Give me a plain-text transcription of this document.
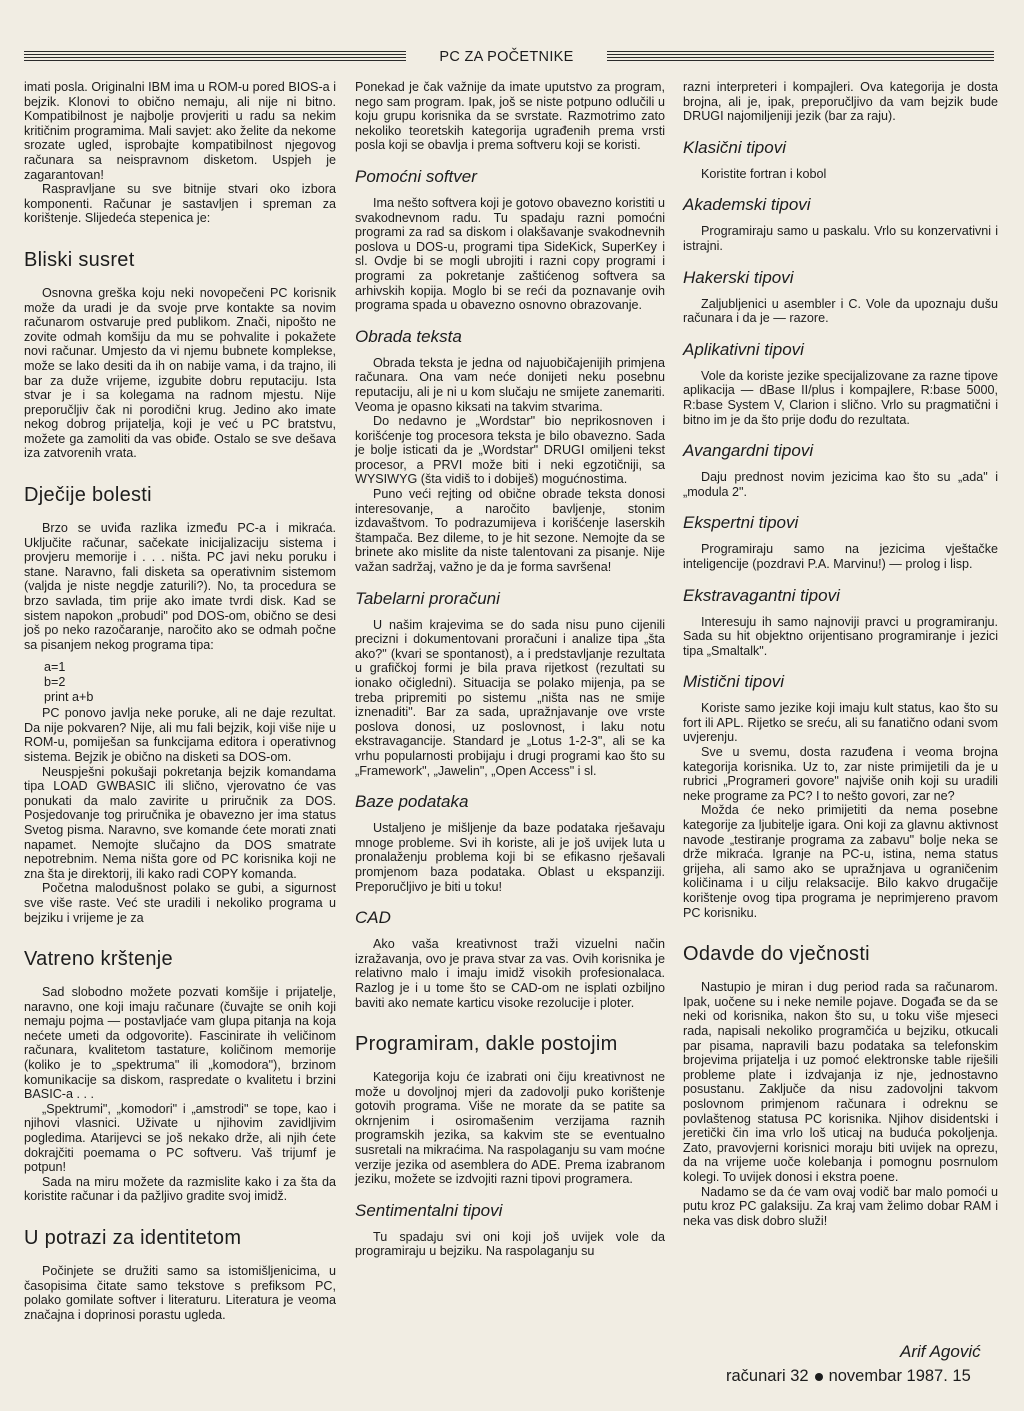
PC ZA POČETNIKE

imati posla. Originalni IBM ima u ROM-u pored BIOS-a i bejzik. Klonovi to obično nemaju, ali nije ni bitno. Kompatibilnost je najbolje provjeriti u radu sa nekim kritičnim programima. Mali savjet: ako želite da nekome srozate ugled, isprobajte kompatibilnost njegovog računara sa neispravnom disketom. Uspjeh je zagarantovan!

Raspravljane su sve bitnije stvari oko izbora komponenti. Računar je sastavljen i spreman za korištenje. Slijedeća stepenica je:

Bliski susret

Osnovna greška koju neki novopečeni PC korisnik može da uradi je da svoje prve kontakte sa novim računarom ostvaruje pred publikom. Znači, nipošto ne zovite odmah komšiju da mu se pohvalite i pokažete novi računar. Umjesto da vi njemu bubnete komplekse, može se lako desiti da ih on nabije vama, i da trajno, ili bar za duže vrijeme, izgubite dobru reputaciju. Ista stvar je i sa kolegama na radnom mjestu. Nije preporučljiv čak ni porodični krug. Jedino ako imate nekog dobrog prijatelja, koji je već u PC bratstvu, možete ga zamoliti da vas obiđe. Ostalo se sve dešava iza zatvorenih vrata.

Dječije bolesti

Brzo se uviđa razlika između PC-a i mikraća. Uključite računar, sačekate inicijalizaciju sistema i provjeru memorije i . . . ništa. PC javi neku poruku i stane. Naravno, fali disketa sa operativnim sistemom (valjda je niste negdje zaturili?). No, ta procedura se brzo savlada, tim prije ako imate tvrdi disk. Kad se sistem napokon „probudi" pod DOS-om, obično se desi još po neko razočaranje, naročito ako se odmah počne sa pisanjem nekog programa tipa:

a=1
b=2
print a+b

PC ponovo javlja neke poruke, ali ne daje rezultat. Da nije pokvaren? Nije, ali mu fali bejzik, koji više nije u ROM-u, pomiješan sa funkcijama editora i operativnog sistema. Bejzik je obično na disketi sa DOS-om.

Neuspješni pokušaji pokretanja bejzik komandama tipa LOAD GWBASIC ili slično, vjerovatno će vas ponukati da malo zavirite u priručnik za DOS. Posjedovanje tog priručnika je obavezno jer ima status Svetog pisma. Naravno, sve komande ćete morati znati napamet. Nemojte slučajno da DOS smatrate nepotrebnim. Nema ništa gore od PC korisnika koji ne zna šta je direktorij, ili kako radi COPY komanda.

Početna malodušnost polako se gubi, a sigurnost sve više raste. Već ste uradili i nekoliko programa u bejziku i vrijeme je za

Vatreno krštenje

Sad slobodno možete pozvati komšije i prijatelje, naravno, one koji imaju računare (čuvajte se onih koji nemaju pojma — postavljaće vam glupa pitanja na koja nećete umeti da odgovorite). Fascinirate ih veličinom računara, kvalitetom tastature, količinom memorije (koliko je to „spektruma" ili „komodora"), brzinom komunikacije sa diskom, raspredate o kvalitetu i brzini BASIC-a . . .

„Spektrumi", „komodori" i „amstrodi" se tope, kao i njihovi vlasnici. Uživate u njihovim zavidljivim pogledima. Atarijevci se još nekako drže, ali njih ćete dokrajčiti poemama o PC softveru. Vaš trijumf je potpun!

Sada na miru možete da razmislite kako i za šta da koristite računar i da pažljivo gradite svoj imidž.

U potrazi za identitetom

Počinjete se družiti samo sa istomišljenicima, u časopisima čitate samo tekstove s prefiksom PC, polako gomilate softver i literaturu. Literatura je veoma značajna i doprinosi porastu ugleda.

Ponekad je čak važnije da imate uputstvo za program, nego sam program. Ipak, još se niste potpuno odlučili u koju grupu korisnika da se svrstate. Razmotrimo zato nekoliko teoretskih kategorija ugrađenih prema vrsti posla koji se obavlja i prema softveru koji se koristi.

Pomoćni softver

Ima nešto softvera koji je gotovo obavezno koristiti u svakodnevnom radu. Tu spadaju razni pomoćni programi za rad sa diskom i olakšavanje svakodnevnih poslova u DOS-u, programi tipa SideKick, SuperKey i sl. Ovdje bi se mogli ubrojiti i razni copy programi i programi za pokretanje zaštićenog softvera sa arhivskih kopija. Moglo bi se reći da poznavanje ovih programa spada u obavezno osnovno obrazovanje.

Obrada teksta

Obrada teksta je jedna od najuobičajenijih primjena računara. Ona vam neće donijeti neku posebnu reputaciju, ali je ni u kom slučaju ne smijete zanemariti. Veoma je opasno kiksati na takvim stvarima.

Do nedavno je „Wordstar" bio neprikosnoven i korišćenje tog procesora teksta je bilo obavezno. Sada je bolje isticati da je „Wordstar" DRUGI omiljeni tekst procesor, a PRVI može biti i neki egzotičniji, sa WYSIWYG (šta vidiš to i dobiješ) mogućnostima.

Puno veći rejting od obične obrade teksta donosi interesovanje, a naročito bavljenje, stonim izdavaštvom. To podrazumijeva i korišćenje laserskih štampača. Bez dileme, to je hit sezone. Nemojte da se brinete ako mislite da niste talentovani za pisanje. Nije važan sadržaj, važno je da je forma savršena!

Tabelarni proračuni

U našim krajevima se do sada nisu puno cijenili precizni i dokumentovani proračuni i analize tipa „šta ako?" (kvari se spontanost), a i predstavljanje rezultata u grafičkoj formi je bila prava rijetkost (rezultati su ionako očigledni). Situacija se polako mijenja, pa se treba pripremiti po sistemu „ništa nas ne smije iznenaditi". Bar za sada, upražnjavanje ove vrste poslova donosi, uz poslovnost, i laku notu ekstravagancije. Standard je „Lotus 1-2-3", ali se ka vrhu popularnosti probijaju i drugi programi kao što su „Framework", „Jawelin", „Open Access" i sl.

Baze podataka

Ustaljeno je mišljenje da baze podataka rješavaju mnoge probleme. Svi ih koriste, ali je još uvijek luta u pronalaženju problema koji bi se efikasno rješavali promjenom baza podataka. Oblast u ekspanziji. Preporučljivo je biti u toku!

CAD

Ako vaša kreativnost traži vizuelni način izražavanja, ovo je prava stvar za vas. Ovih korisnika je relativno malo i imaju imidž visokih profesionalaca. Razlog je i u tome što se CAD-om ne isplati ozbiljno baviti ako nemate karticu visoke rezolucije i ploter.

Programiram, dakle postojim

Kategorija koju će izabrati oni čiju kreativnost ne može u dovoljnoj mjeri da zadovolji puko korištenje gotovih programa. Više ne morate da se patite sa okrnjenim i osiromašenim verzijama raznih programskih jezika, sa kakvim ste se eventualno susretali na mikraćima. Na raspolaganju su vam moćne verzije jezika od asemblera do ADE. Prema izabranom jeziku, možete se izdvojiti razni tipovi programera.

Sentimentalni tipovi

Tu spadaju svi oni koji još uvijek vole da programiraju u bejziku. Na raspolaganju su

razni interpreteri i kompajleri. Ova kategorija je dosta brojna, ali je, ipak, preporučljivo da vam bejzik bude DRUGI najomiljeniji jezik (bar za raju).

Klasični tipovi

Koristite fortran i kobol

Akademski tipovi

Programiraju samo u paskalu. Vrlo su konzervativni i istrajni.

Hakerski tipovi

Zaljubljenici u asembler i C. Vole da upoznaju dušu računara i da je — razore.

Aplikativni tipovi

Vole da koriste jezike specijalizovane za razne tipove aplikacija — dBase II/plus i kompajlere, R:base 5000, R:base System V, Clarion i slično. Vrlo su pragmatični i bitno im je da što prije dođu do rezultata.

Avangardni tipovi

Daju prednost novim jezicima kao što su „ada" i „modula 2".

Ekspertni tipovi

Programiraju samo na jezicima vještačke inteligencije (pozdravi P.A. Marvinu!) — prolog i lisp.

Ekstravagantni tipovi

Interesuju ih samo najnoviji pravci u programiranju. Sada su hit objektno orijentisano programiranje i jezici tipa „Smaltalk".

Mistični tipovi

Koriste samo jezike koji imaju kult status, kao što su fort ili APL. Rijetko se sreću, ali su fanatično odani svom uvjerenju.

Sve u svemu, dosta razuđena i veoma brojna kategorija korisnika. Uz to, zar niste primijetili da je u rubrici „Programeri govore" najviše onih koji su uradili neke programe za PC? I to nešto govori, zar ne?

Možda će neko primijetiti da nema posebne kategorije za ljubitelje igara. Oni koji za glavnu aktivnost navode „testiranje programa za zabavu" bolje neka se drže mikraća. Igranje na PC-u, istina, nema status grijeha, ali samo ako se upražnjava u ograničenim količinama i u cilju relaksacije. Bilo kakvo drugačije korištenje ovog tipa programa je neprimjereno pravom PC korisniku.

Odavde do vječnosti

Nastupio je miran i dug period rada sa računarom. Ipak, uočene su i neke nemile pojave. Događa se da se neki od korisnika, nakon što su, u toku više mjeseci rada, napisali nekoliko programčića u bejziku, otkucali par pisama, napravili bazu podataka sa telefonskim brojevima prijatelja i uz pomoć elektronske table riješili probleme plate i izdvajanja iz nje, jednostavno posustanu. Zaključe da nisu zadovoljni takvom poslovnom primjenom računara i odreknu se povlaštenog statusa PC korisnika. Njihov disidentski i jeretički čin ima vrlo loš uticaj na buduća pokoljenja. Zato, pravovjerni korisnici moraju biti uvijek na oprezu, da na vrijeme uoče kolebanja i pomognu posrnulom kolegi. To uvijek donosi i ekstra poene.

Nadamo se da će vam ovaj vodič bar malo pomoći u putu kroz PC galaksiju. Za kraj vam želimo dobar RAM i neka vas disk dobro služi!

Arif Agović
računari 32 novembar 1987. 15
